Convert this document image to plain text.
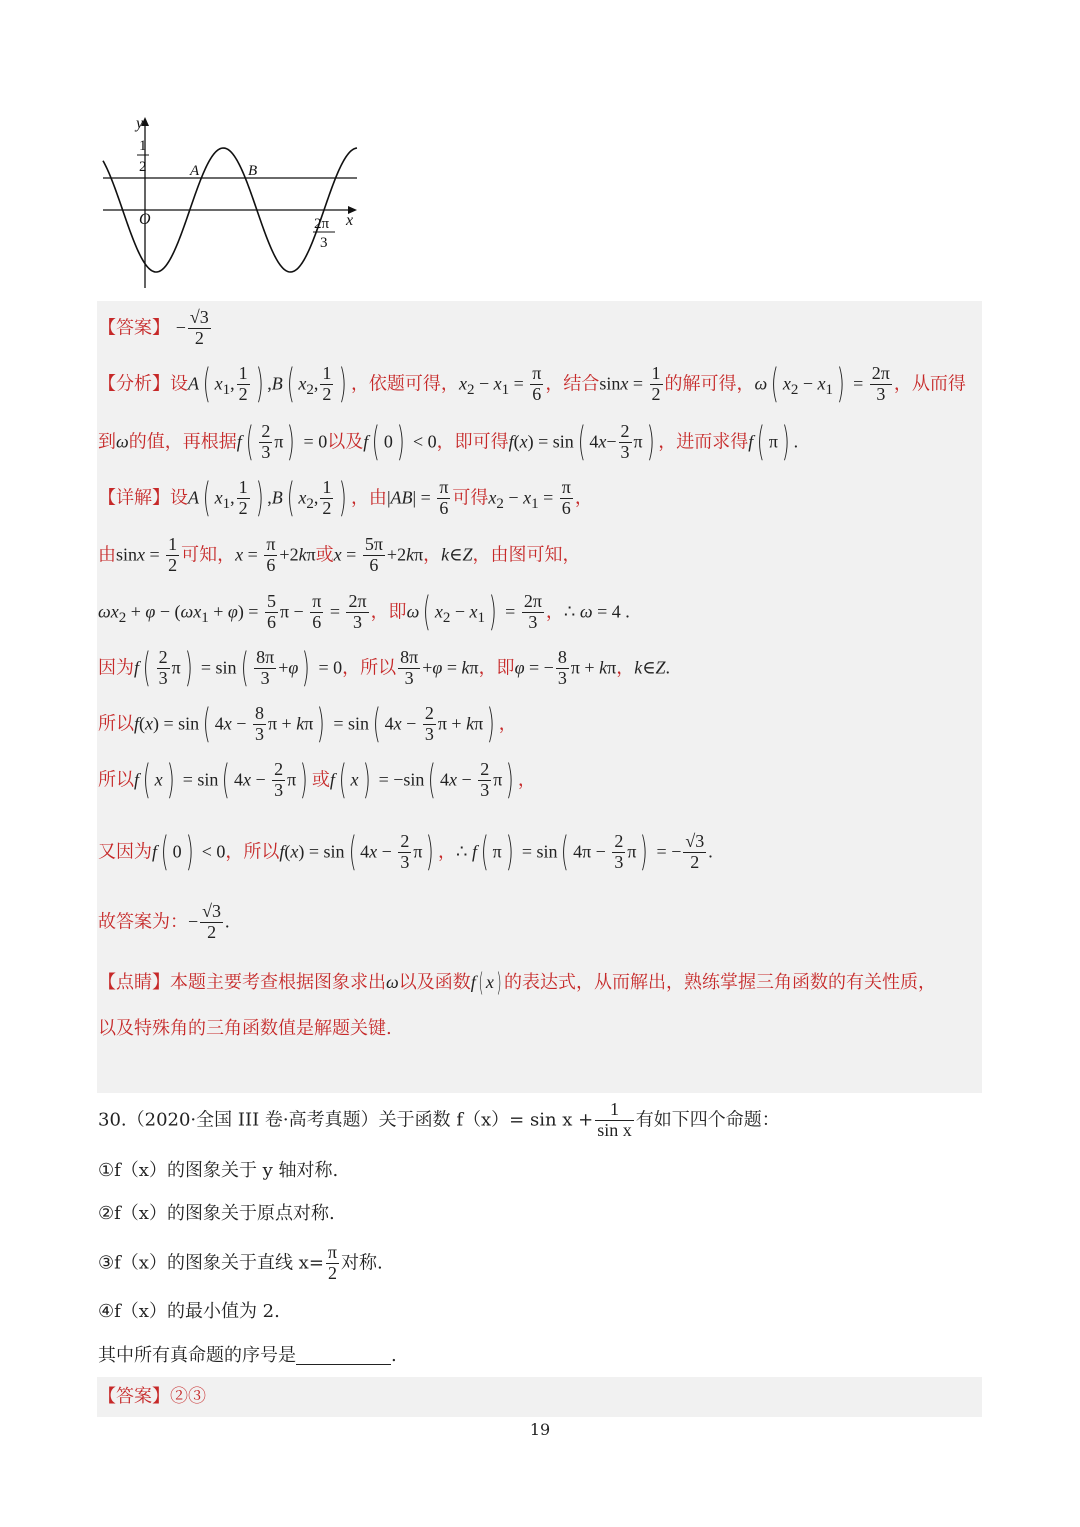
y
x
O
1
2	A	B
2π
3
【答案】 − $\frac{√3}{2}$
【分析】设A( $x_1$, $\frac{1}{2}$ ) ,B( $x_2$, $\frac{1}{2}$ ) ，依题可得，$x_2 - x_1 = \frac{\pi}{6}$ ，结合$\sin x = \frac{1}{2}$ 的解可得，ω( $x_2 - x_1) = \frac{2\pi}{3}$ ，从而得
到ω的值，再根据$f( \frac{2}{3} \pi) = 0$以及f( 0) < 0，即可得f(x) = sin( $4x- \frac{2}{3} \pi$) ，进而求得f( π) .
【详解】设A( $x_1$, $\frac{1}{2}$ ) ,B( $x_2$, $\frac{1}{2}$ ) ，由$|AB| = \frac{\pi}{6}$ 可得$x_2 - x_1 = \frac{\pi}{6}$ ，
由$\sin x = \frac{1}{2}$ 可知，$x = \frac{\pi}{6} +2k\pi$或$x = \frac{5\pi}{6} +2k\pi$，k∈Z，由图可知，
$\omega x_2 + \varphi - (\omega x_1 + \varphi) = \frac{5}{6}$ $\pi - \frac{\pi}{6} = \frac{2\pi}{3}$ ，即ω( $x_2 - x_1) = \frac{2\pi}{3}$ ，∴ ω = 4 .
因为$f( \frac{2}{3} \pi) = \sin( \frac{8\pi}{3} +\varphi) = 0$，所以 $\frac{8\pi}{3} +\varphi = k\pi$，即φ = − $\frac{8}{3}$ π + kπ，k∈Z.
所以f(x) = sin( $4x - \frac{8}{3}$ π + kπ) = sin( $4x - \frac{2}{3}$ π + kπ) ，
所以f( x) = sin( $4x - \frac{2}{3} \pi$) 或f( x) = −sin( $4x - \frac{2}{3} \pi$) ，
又因为f( 0) < 0，所以f(x) = sin( $4x - \frac{2}{3} \pi$) ，∴ f( π) = sin( $4\pi - \frac{2}{3} \pi$) = − $\frac{√3}{2}$ .
故答案为：− $\frac{√3}{2}$ .
【点睛】本题主要考查根据图象求出ω以及函数f( x) 的表达式，从而解出，熟练掌握三角函数的有关性质，
以及特殊角的三角函数值是解题关键.
30.（2020·全国 III 卷·高考真题）关于函数 $f(x)= \sin x + \frac{1}{\text{sin x}}$ 有如下四个命题：
①f（x）的图象关于 y 轴对称.
②f（x）的图象关于原点对称.
③f（x）的图象关于直线 $x= \frac{\pi}{2}$ 对称.
④f（x）的最小值为 2.
其中所有真命题的序号是	.
【答案】②③
19
